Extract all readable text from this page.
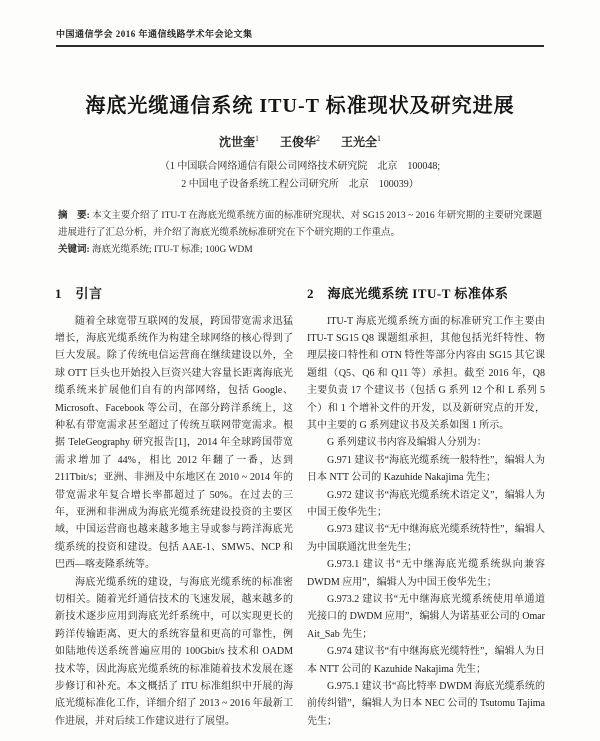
中国通信学会 2016 年通信线路学术年会论文集
海底光缆通信系统 ITU-T 标准现状及研究进展
沈世奎$^1$ 王俊华$^2$ 王光全$^1$
（1 中国联合网络通信有限公司网络技术研究院　北京　100048;
2 中国电子设备系统工程公司研究所　北京　100039）
摘　要: 本文主要介绍了 ITU-T 在海底光缆系统方面的标准研究现状、对 SG15 2013 ~ 2016 年研究期的主要研究课题进展进行了汇总分析，并介绍了海底光缆系统标准研究在下个研究期的工作重点。
关键词: 海底光缆系统; ITU-T 标准; 100G WDM
1　引言

随着全球宽带互联网的发展，跨国带宽需求迅猛增长，海底光缆系统作为构建全球网络的核心得到了巨大发展。除了传统电信运营商在继续建设以外，全球 OTT 巨头也开始投入巨资兴建大容量长距离海底光缆系统来扩展他们自有的内部网络，包括 Google、Microsoft、Facebook 等公司，在部分跨洋系统上，这种私有带宽需求甚至超过了传统互联网带宽需求。根据 TeleGeography 研究报告[1]，2014 年全球跨国带宽需求增加了 44%，相比 2012 年翻了一番，达到 211Tbit/s；亚洲、非洲及中东地区在 2010 ~ 2014 年的带宽需求年复合增长率都超过了 50%。在过去的三年，亚洲和非洲成为海底光缆系统建设投资的主要区域，中国运营商也越来越多地主导或参与跨洋海底光缆系统的投资和建设。包括 AAE-1、SMW5、NCP 和巴西—喀麦隆系统等。

海底光缆系统的建设，与海底光缆系统的标准密切相关。随着光纤通信技术的飞速发展，越来越多的新技术逐步应用到海底光纤系统中，可以实现更长的跨洋传输距离、更大的系统容量和更高的可靠性，例如陆地传送系统普遍应用的 100Gbit/s 技术和 OADM 技术等，因此海底光缆系统的标准随着技术发展在逐步修订和补充。本文概括了 ITU 标准组织中开展的海底光缆标准化工作，详细介绍了 2013 ~ 2016 年最新工作进展，并对后续工作建议进行了展望。

2　海底光缆系统 ITU-T 标准体系

ITU-T 海底光缆系统方面的标准研究工作主要由 ITU-T SG15 Q8 课题组承担，其他包括光纤特性、物理层接口特性和 OTN 特性等部分内容由 SG15 其它课题组（Q5、Q6 和 Q11 等）承担。截至 2016 年，Q8 主要负责 17 个建议书（包括 G 系列 12 个和 L 系列 5 个）和 1 个增补文件的开发，以及新研究点的开发，其中主要的 G 系列建议书及关系如图 1 所示。

G 系列建议书内容及编辑人分别为：

G.971 建议书“海底光缆系统一般特性”，编辑人为日本 NTT 公司的 Kazuhide Nakajima 先生；

G.972 建议书“海底光缆系统术语定义”，编辑人为中国王俊华先生；

G.973 建议书“无中继海底光缆系统特性”，编辑人为中国联通沈世奎先生；

G.973.1 建议书“无中继海底光缆系统纵向兼容 DWDM 应用”，编辑人为中国王俊华先生；

G.973.2 建议书“无中继海底光缆系统使用单通道光接口的 DWDM 应用”，编辑人为诺基亚公司的 Omar Ait_Sab 先生；

G.974 建议书“有中继海底光缆特性”，编辑人为日本 NTT 公司的 Kazuhide Nakajima 先生；

G.975.1 建议书“高比特率 DWDM 海底光缆系统的前传纠错”，编辑人为日本 NEC 公司的 Tsutomu Tajima 先生；
